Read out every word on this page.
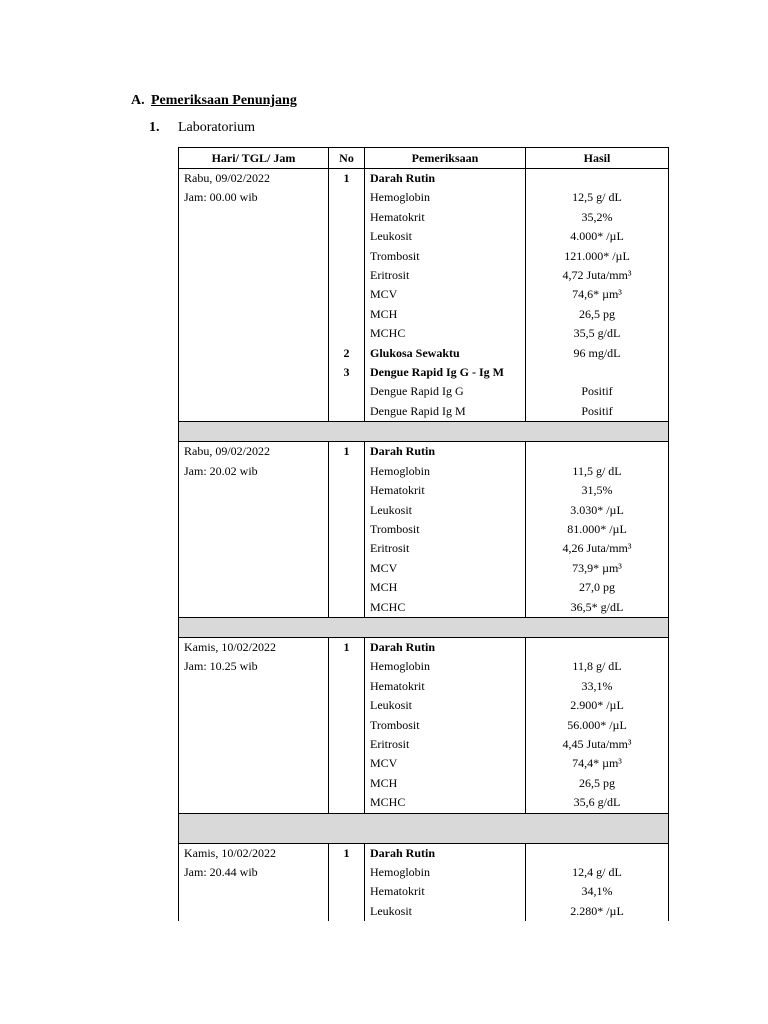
A. Pemeriksaan Penunjang
1. Laboratorium
Hari/ TGL/ Jam	No	Pemeriksaan	Hasil
Rabu, 09/02/2022	1	Darah Rutin	
Jam: 00.00 wib		Hemoglobin	12,5 g/ dL
		Hematokrit	35,2%
		Leukosit	4.000* /µL
		Trombosit	121.000* /µL
		Eritrosit	4,72 Juta/mm³
		MCV	74,6* µm³
		MCH	26,5 pg
		MCHC	35,5 g/dL
	2	Glukosa Sewaktu	96 mg/dL
	3	Dengue Rapid Ig G - Ig M	
		Dengue Rapid Ig G	Positif
		Dengue Rapid Ig M	Positif

Rabu, 09/02/2022	1	Darah Rutin	
Jam: 20.02 wib		Hemoglobin	11,5 g/ dL
		Hematokrit	31,5%
		Leukosit	3.030* /µL
		Trombosit	81.000* /µL
		Eritrosit	4,26 Juta/mm³
		MCV	73,9* µm³
		MCH	27,0 pg
		MCHC	36,5* g/dL

Kamis, 10/02/2022	1	Darah Rutin	
Jam: 10.25 wib		Hemoglobin	11,8 g/ dL
		Hematokrit	33,1%
		Leukosit	2.900* /µL
		Trombosit	56.000* /µL
		Eritrosit	4,45 Juta/mm³
		MCV	74,4* µm³
		MCH	26,5 pg
		MCHC	35,6 g/dL

Kamis, 10/02/2022	1	Darah Rutin	
Jam: 20.44 wib		Hemoglobin	12,4 g/ dL
		Hematokrit	34,1%
		Leukosit	2.280* /µL
